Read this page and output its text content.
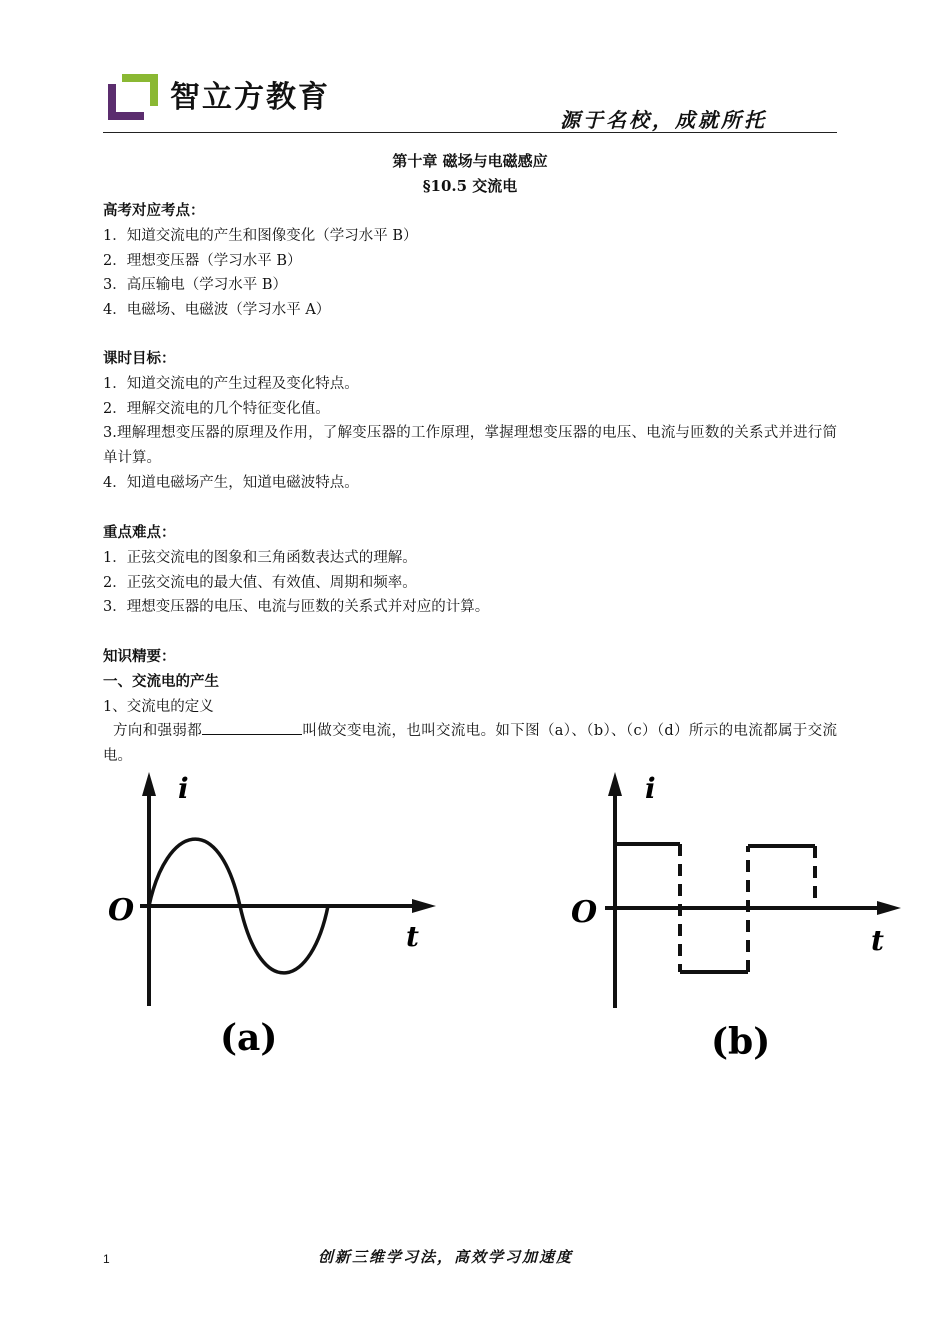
智立方教育
源于名校，成就所托
第十章 磁场与电磁感应
§10.5 交流电
高考对应考点：
1．知道交流电的产生和图像变化（学习水平 B）
2．理想变压器（学习水平 B）
3．高压输电（学习水平 B）
4．电磁场、电磁波（学习水平 A）
课时目标：
1．知道交流电的产生过程及变化特点。
2．理解交流电的几个特征变化值。
3.理解理想变压器的原理及作用，了解变压器的工作原理，掌握理想变压器的电压、电流与匝数的关系式并进行简单计算。
4．知道电磁场产生，知道电磁波特点。
重点难点：
1．正弦交流电的图象和三角函数表达式的理解。
2．正弦交流电的最大值、有效值、周期和频率。
3．理想变压器的电压、电流与匝数的关系式并对应的计算。
知识精要：
一、交流电的产生
1、交流电的定义
方向和强弱都	叫做交变电流，也叫交流电。如下图（a）、（b）、（c）（d）所示的电流都属于交流电。
i
O
t
(a)
i
O
t
(b)
1	创新三维学习法，高效学习加速度
